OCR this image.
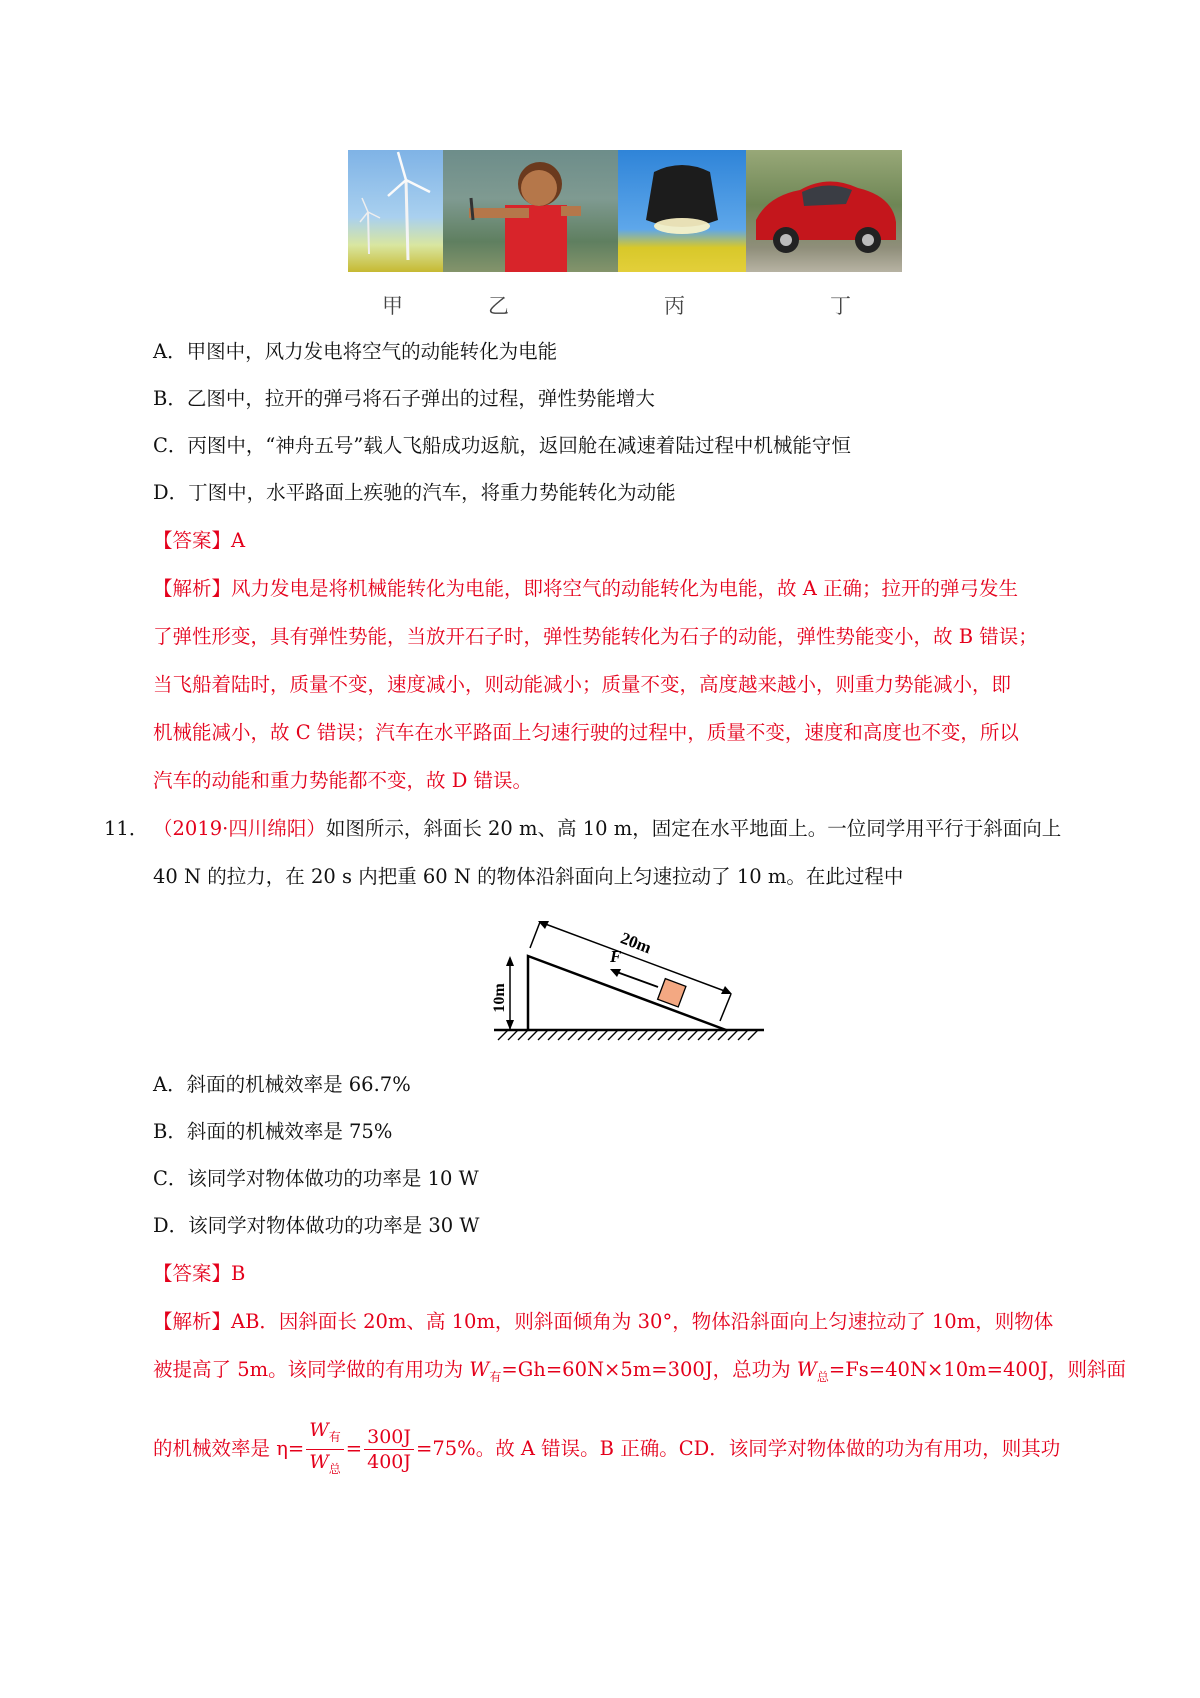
甲	乙	丙	丁
A．甲图中，风力发电将空气的动能转化为电能
B．乙图中，拉开的弹弓将石子弹出的过程，弹性势能增大
C．丙图中，“神舟五号”载人飞船成功返航，返回舱在减速着陆过程中机械能守恒
D．丁图中，水平路面上疾驰的汽车，将重力势能转化为动能
【答案】A
【解析】风力发电是将机械能转化为电能，即将空气的动能转化为电能，故 A 正确；拉开的弹弓发生
了弹性形变，具有弹性势能，当放开石子时，弹性势能转化为石子的动能，弹性势能变小，故 B 错误；
当飞船着陆时，质量不变，速度减小，则动能减小；质量不变，高度越来越小，则重力势能减小，即
机械能减小，故 C 错误；汽车在水平路面上匀速行驶的过程中，质量不变，速度和高度也不变，所以
汽车的动能和重力势能都不变，故 D 错误。
11． （2019·四川绵阳）如图所示，斜面长 20 m、高 10 m，固定在水平地面上。一位同学用平行于斜面向上
40 N 的拉力，在 20 s 内把重 60 N 的物体沿斜面向上匀速拉动了 10 m。在此过程中
10m
20m
F
A．斜面的机械效率是 66.7%
B．斜面的机械效率是 75%
C．该同学对物体做功的功率是 10 W
D．该同学对物体做功的功率是 30 W
【答案】B
【解析】AB．因斜面长 20m、高 10m，则斜面倾角为 30°，物体沿斜面向上匀速拉动了 10m，则物体
被提高了 5m。该同学做的有用功为 $W_有=Gh=60N\times 5m=300J$，总功为 $W_总=Fs=40N\times 10m=400J$，则斜面
的机械效率是 $\eta= \frac{W_有}{W_总} = \frac{300J}{400J} =75\%$。故 A 错误。B 正确。CD．该同学对物体做的功为有用功，则其功
